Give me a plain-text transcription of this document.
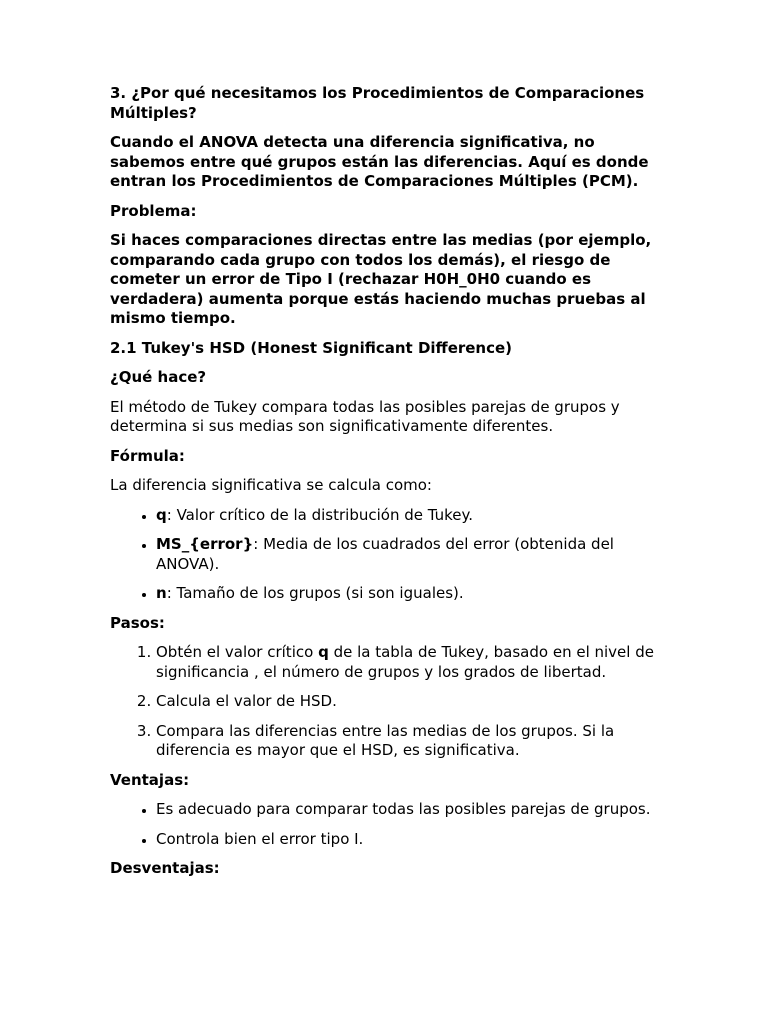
3. ¿Por qué necesitamos los Procedimientos de Comparaciones Múltiples?

Cuando el ANOVA detecta una diferencia significativa, no sabemos entre qué grupos están las diferencias. Aquí es donde entran los Procedimientos de Comparaciones Múltiples (PCM).

Problema:

Si haces comparaciones directas entre las medias (por ejemplo, comparando cada grupo con todos los demás), el riesgo de cometer un error de Tipo I (rechazar H0H_0H0 cuando es verdadera) aumenta porque estás haciendo muchas pruebas al mismo tiempo.

2.1 Tukey's HSD (Honest Significant Difference)

¿Qué hace?

El método de Tukey compara todas las posibles parejas de grupos y determina si sus medias son significativamente diferentes.

Fórmula:

La diferencia significativa se calcula como:

• q: Valor crítico de la distribución de Tukey.
• MS_{error}: Media de los cuadrados del error (obtenida del ANOVA).
• n: Tamaño de los grupos (si son iguales).

Pasos:

1. Obtén el valor crítico q de la tabla de Tukey, basado en el nivel de significancia , el número de grupos y los grados de libertad.
2. Calcula el valor de HSD.
3. Compara las diferencias entre las medias de los grupos. Si la diferencia es mayor que el HSD, es significativa.

Ventajas:

• Es adecuado para comparar todas las posibles parejas de grupos.
• Controla bien el error tipo I.

Desventajas:
